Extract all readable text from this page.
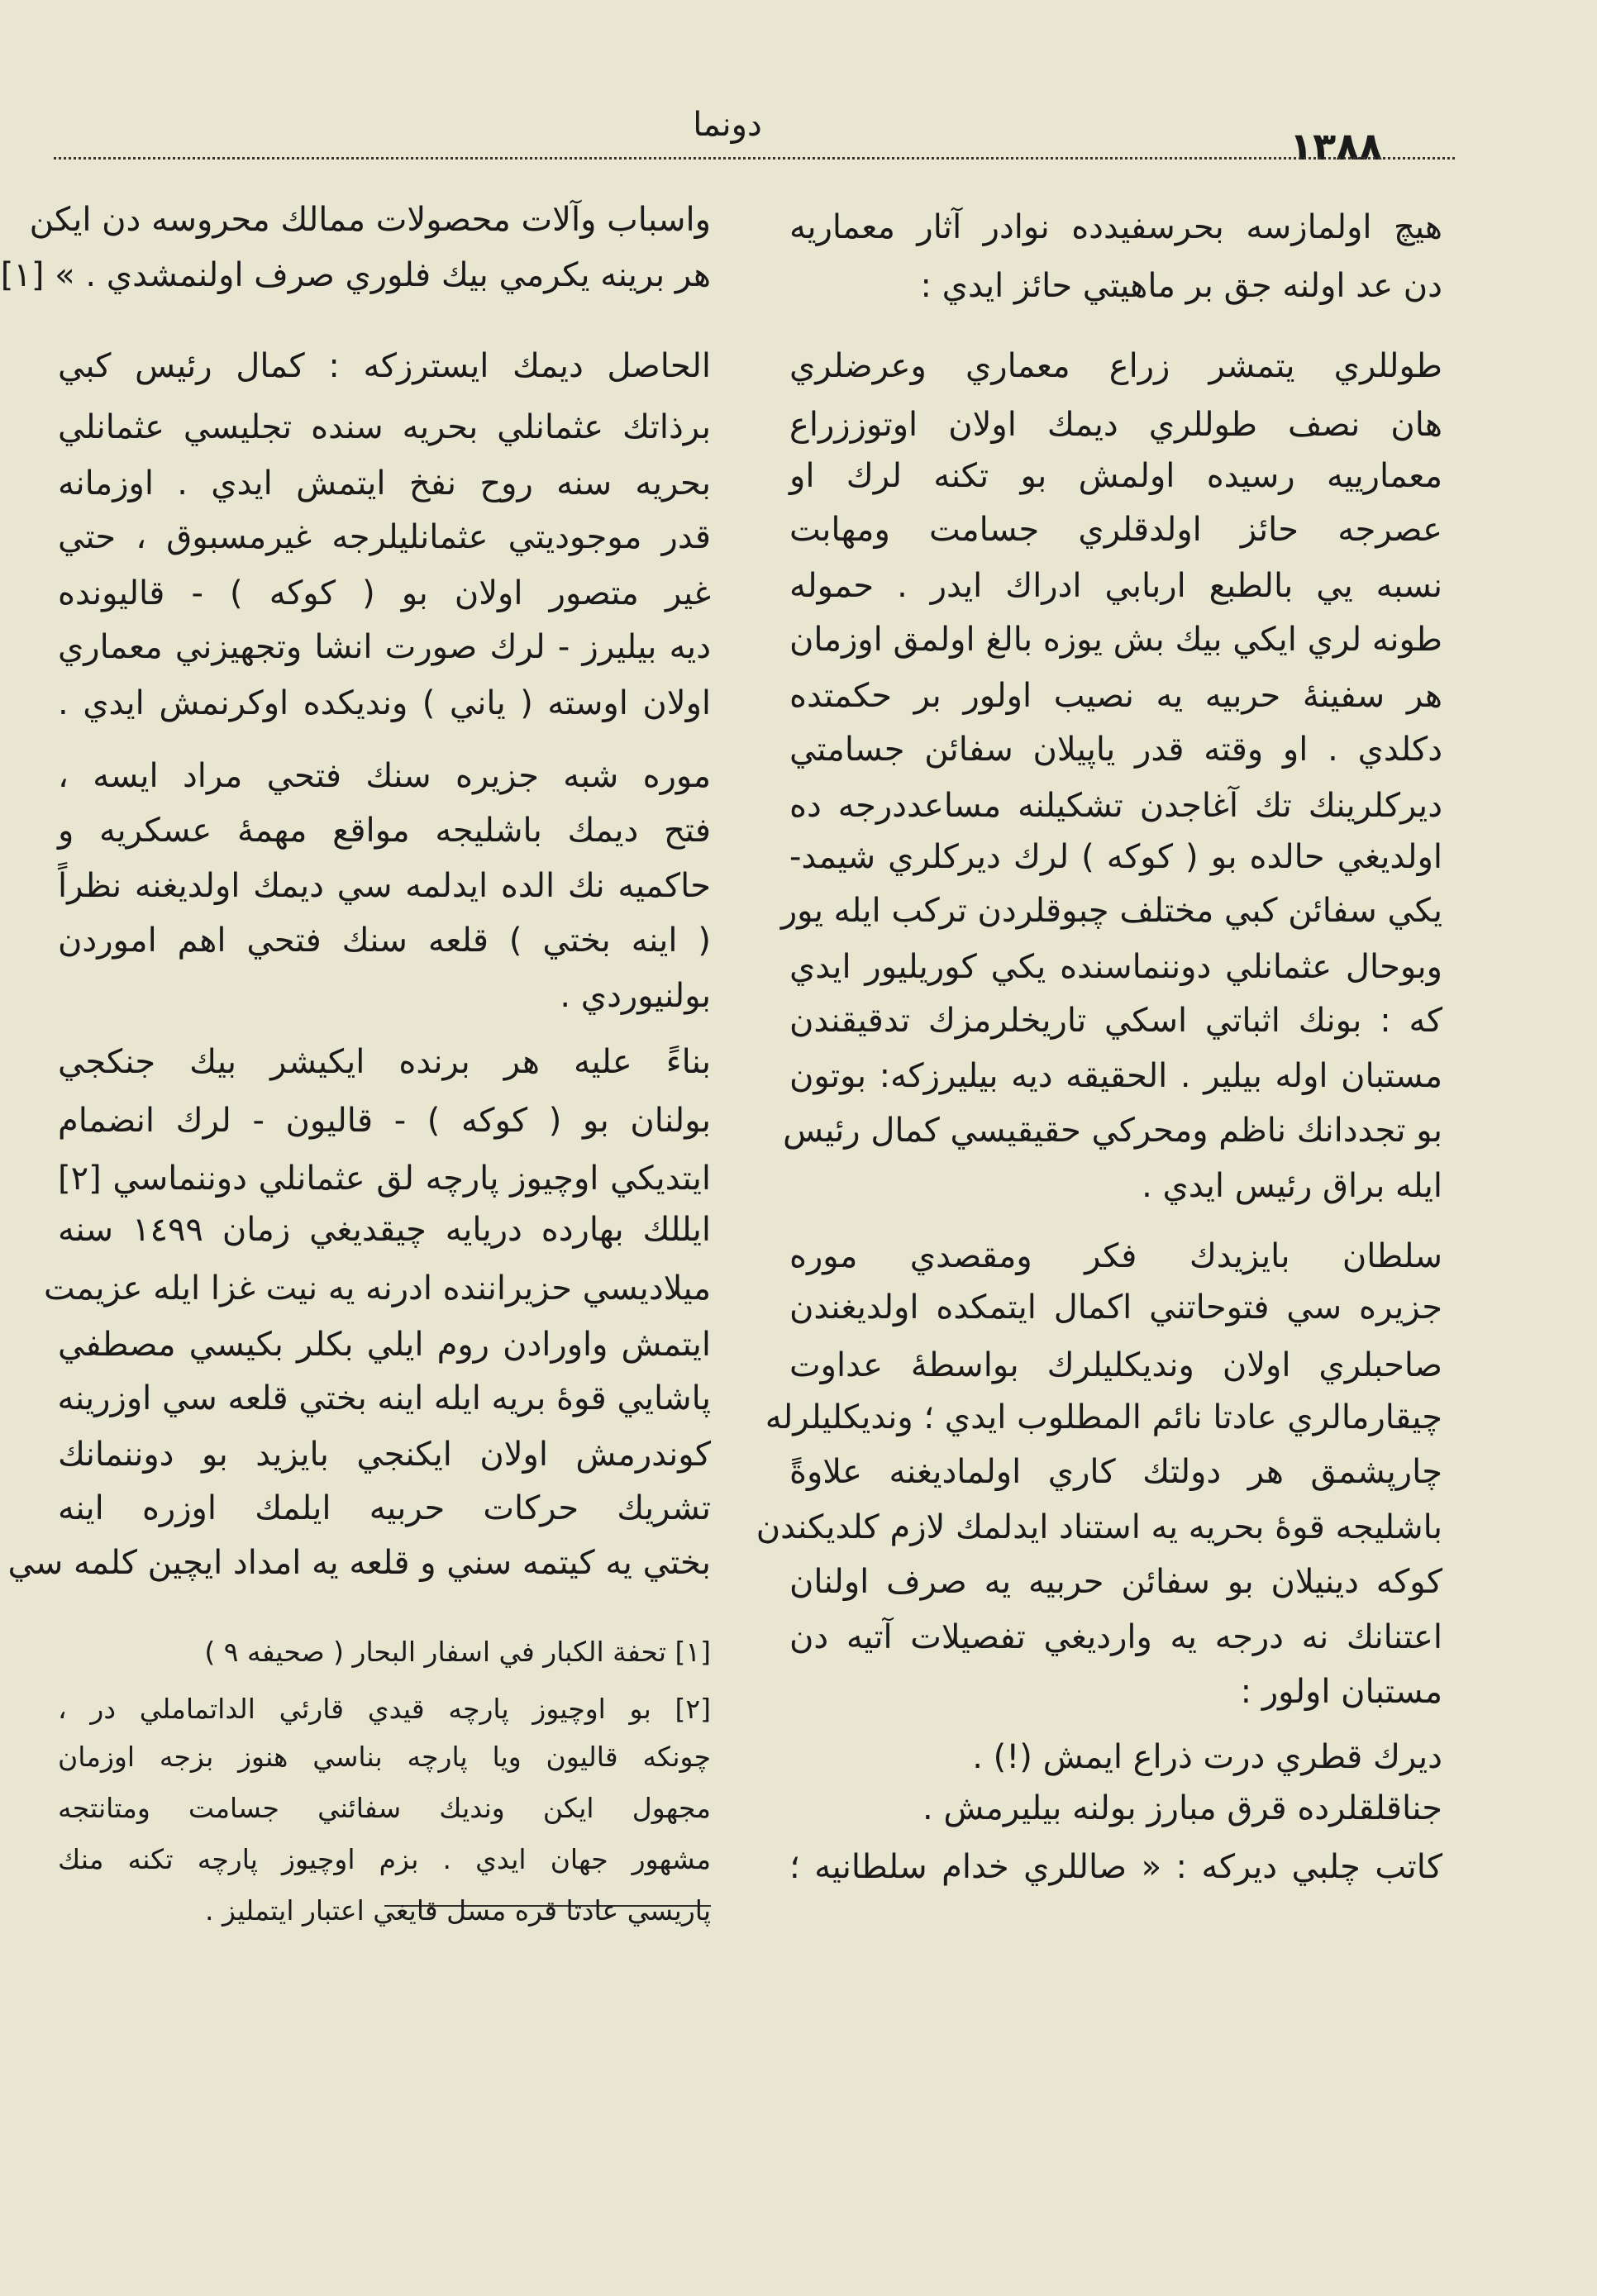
دونما	١٣٨٨
هيچ اولمازسه بحرسفيدده نوادر آثار معماريه
دن عد اولنه جق بر ماهيتي حائز ايدي :
طوللري يتمشر زراع معماري وعرضلري
هان نصف طوللري ديمك اولان اوتوززراع
معمارييه رسيده اولمش بو تكنه لرك او
عصرجه حائز اولدقلري جسامت ومهابت
نسبه يي بالطبع اربابي ادراك ايدر . حموله
طونه لري ايكي بيك بش يوزه بالغ اولمق اوزمان
هر سفينهٔ حربيه يه نصيب اولور بر حكمتده
دكلدي . او وقته قدر ياپيلان سفائن جسامتي
ديركلرينك تك آغاجدن تشكيلنه مساعددرجه ده
اولديغي حالده بو ( كوكه ) لرك ديركلري شيمد-
يكي سفائن كبي مختلف چبوقلردن تركب ايله يور
وبوحال عثمانلي دوننماسنده يكي كوريليور ايدي
كه : بونك اثباتي اسكي تاريخلرمزك تدقيقندن
مستبان اوله بيلير . الحقيقه ديه بيليرزكه: بوتون
بو تجددانك ناظم ومحركي حقيقيسي كمال رئيس
ايله براق رئيس ايدي .
سلطان بايزيدك فكر ومقصدي موره
جزيره سي فتوحاتني اكمال ايتمكده اولديغندن
صاحبلري اولان ونديكليلرك بواسطهٔ عداوت
چيقارمالري عادتا نائم المطلوب ايدي ؛ ونديكليلرله
چارپشمق هر دولتك كاري اولماديغنه علاوةً
باشليجه قوهٔ بحريه يه استناد ايدلمك لازم كلديكندن
كوكه دينيلان بو سفائن حربيه يه صرف اولنان
اعتنانك نه درجه يه وارديغي تفصيلات آتيه دن
مستبان اولور :
ديرك قطري درت ذراع ايمش (!) .
جناقلقلرده قرق مبارز بولنه بيليرمش .
كاتب چلبي ديركه : « صاللري خدام سلطانيه ؛
واسباب وآلات محصولات ممالك محروسه دن ايكن
هر برينه يكرمي بيك فلوري صرف اولنمشدي . » [١]
الحاصل ديمك ايسترزكه : كمال رئيس كبي
برذاتك عثمانلي بحريه سنده تجليسي عثمانلي
بحريه سنه روح نفخ ايتمش ايدي . اوزمانه
قدر موجوديتي عثمانليلرجه غيرمسبوق ، حتي
غير متصور اولان بو ( كوكه ) - قاليونده
ديه بيليرز - لرك صورت انشا وتجهيزني معماري
اولان اوسته ( ياني ) ونديكده اوكرنمش ايدي .
موره شبه جزيره سنك فتحي مراد ايسه ،
فتح ديمك باشليجه مواقع مهمهٔ عسكريه و
حاكميه نك الده ايدلمه سي ديمك اولديغنه نظراً
( اينه بختي ) قلعه سنك فتحي اهم اموردن
بولنيوردي .
بناءً عليه هر برنده ايكيشر بيك جنكجي
بولنان بو ( كوكه ) - قاليون - لرك انضمام
ايتديكي اوچيوز پارچه لق عثمانلي دوننماسي [٢]
ايللك بهارده دريايه چيقديغي زمان ١٤٩٩ سنه
ميلاديسي حزيراننده ادرنه يه نيت غزا ايله عزيمت
ايتمش واورادن روم ايلي بكلر بكيسي مصطفي
پاشايي قوهٔ بريه ايله اينه بختي قلعه سي اوزرينه
كوندرمش اولان ايكنجي بايزيد بو دوننمانك
تشريك حركات حربيه ايلمك اوزره اينه
بختي يه كيتمه سني و قلعه يه امداد ايچين كلمه سي
[١] تحفة الكبار في اسفار البحار ( صحيفه ٩ )
[٢] بو اوچيوز پارچه قيدي قارئي الداتماملي در ،
چونكه قاليون ويا پارچه بناسي هنوز بزجه اوزمان
مجهول ايكن ونديك سفائني جسامت ومتانتجه
مشهور جهان ايدي . بزم اوچيوز پارچه تكنه منك
پاريسي عادتا قره مسل قايغي اعتبار ايتمليز .
